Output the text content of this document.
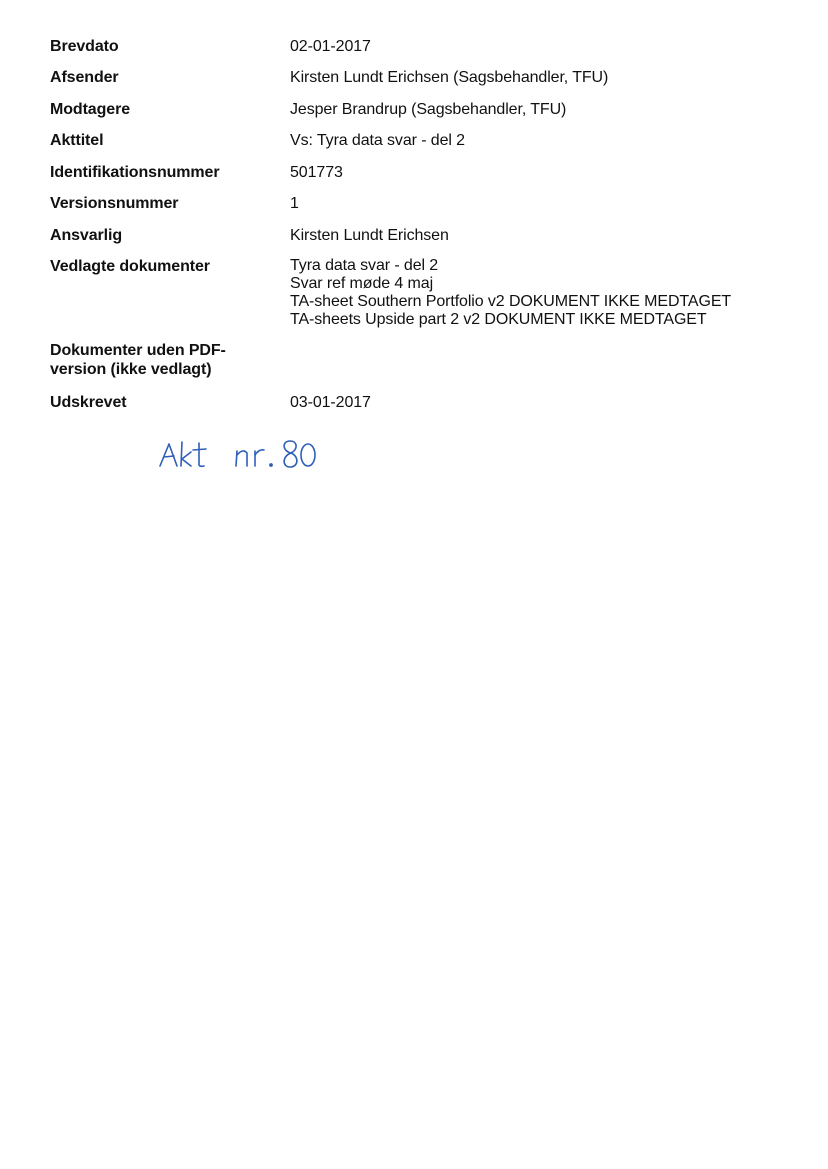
Brevdato	02-01-2017
Afsender	Kirsten Lundt Erichsen (Sagsbehandler, TFU)
Modtagere	Jesper Brandrup (Sagsbehandler, TFU)
Akttitel	Vs: Tyra data svar - del 2
Identifikationsnummer	501773
Versionsnummer	1
Ansvarlig	Kirsten Lundt Erichsen
Vedlagte dokumenter	Tyra data svar - del 2
Svar ref møde 4 maj
TA-sheet Southern Portfolio v2 DOKUMENT IKKE MEDTAGET
TA-sheets Upside part 2 v2 DOKUMENT IKKE MEDTAGET
Dokumenter uden PDF-
version (ikke vedlagt)
Udskrevet	03-01-2017
